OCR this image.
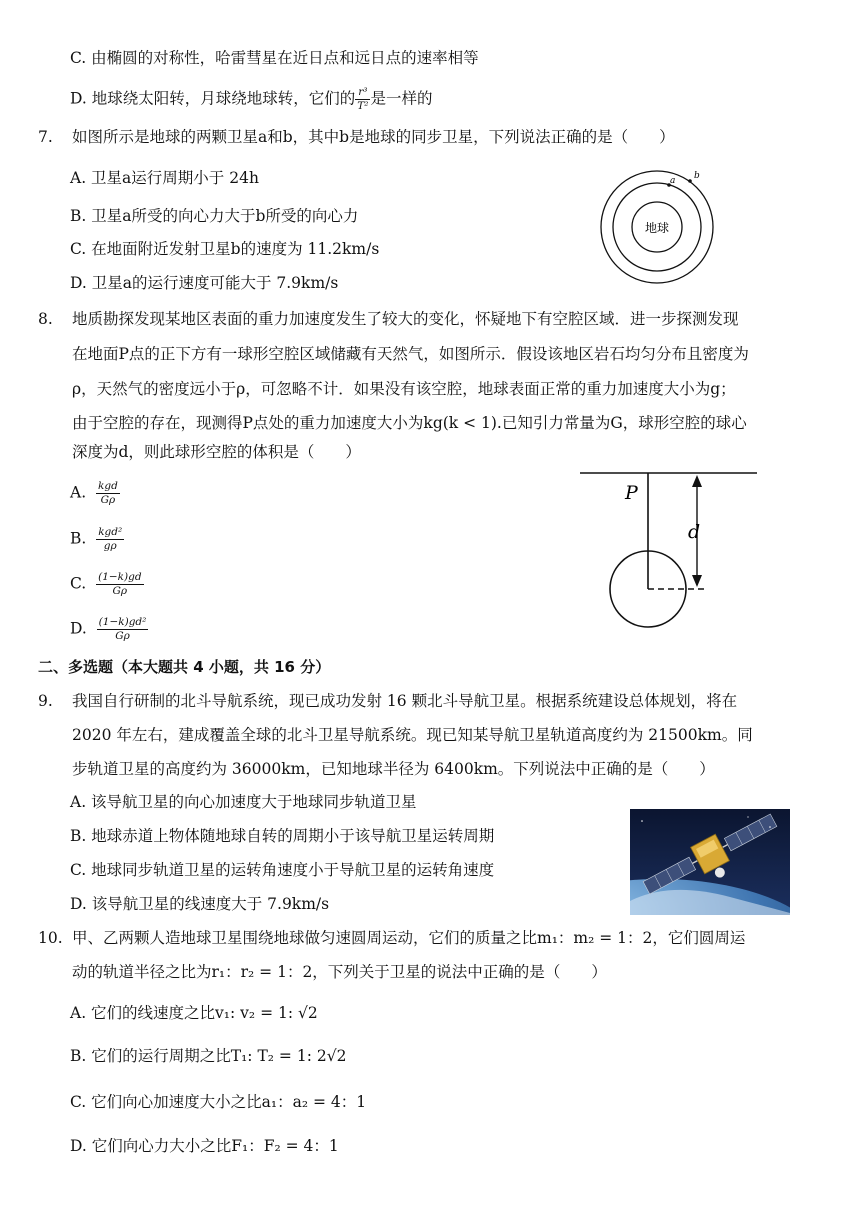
C. 由椭圆的对称性，哈雷彗星在近日点和远日点的速率相等
D. 地球绕太阳转，月球绕地球转，它们的 $\frac{\text{r³}}{\text{T²}}$ 是一样的
7. 如图所示是地球的两颗卫星a和b，其中b是地球的同步卫星，下列说法正确的是（　　）
A. 卫星a运行周期小于 24h
B. 卫星a所受的向心力大于b所受的向心力
C. 在地面附近发射卫星b的速度为 11.2km/s
D. 卫星a的运行速度可能大于 7.9km/s
地球
a b
8. 地质勘探发现某地区表面的重力加速度发生了较大的变化，怀疑地下有空腔区域．进一步探测发现
在地面P点的正下方有一球形空腔区域储藏有天然气，如图所示．假设该地区岩石均匀分布且密度为
ρ，天然气的密度远小于ρ，可忽略不计．如果没有该空腔，地球表面正常的重力加速度大小为g；
由于空腔的存在，现测得P点处的重力加速度大小为kg(k < 1).已知引力常量为G，球形空腔的球心
深度为d，则此球形空腔的体积是（　　）
A. $\frac{\text{kgd}}{G\rho}$
B. $\frac{\text{kgd²}}{g\rho}$
C. $\frac{(1-k)gd}{G\rho}$
D. $\frac{\text{(1−k)gd²}}{G\rho}$
P
d
二、多选题（本大题共 4 小题，共 16 分）
9. 我国自行研制的北斗导航系统，现已成功发射 16 颗北斗导航卫星。根据系统建设总体规划，将在
2020 年左右，建成覆盖全球的北斗卫星导航系统。现已知某导航卫星轨道高度约为 21500km。同
步轨道卫星的高度约为 36000km，已知地球半径为 6400km。下列说法中正确的是（　　）
A. 该导航卫星的向心加速度大于地球同步轨道卫星
B. 地球赤道上物体随地球自转的周期小于该导航卫星运转周期
C. 地球同步轨道卫星的运转角速度小于导航卫星的运转角速度
D. 该导航卫星的线速度大于 7.9km/s
10. 甲、乙两颗人造地球卫星围绕地球做匀速圆周运动，它们的质量之比m₁：m₂ = 1：2，它们圆周运
动的轨道半径之比为r₁：r₂ = 1：2，下列关于卫星的说法中正确的是（　　）
A. 它们的线速度之比v₁: v₂ = 1: √2
B. 它们的运行周期之比T₁: T₂ = 1: 2√2
C. 它们向心加速度大小之比a₁：a₂ = 4：1
D. 它们向心力大小之比F₁：F₂ = 4：1
